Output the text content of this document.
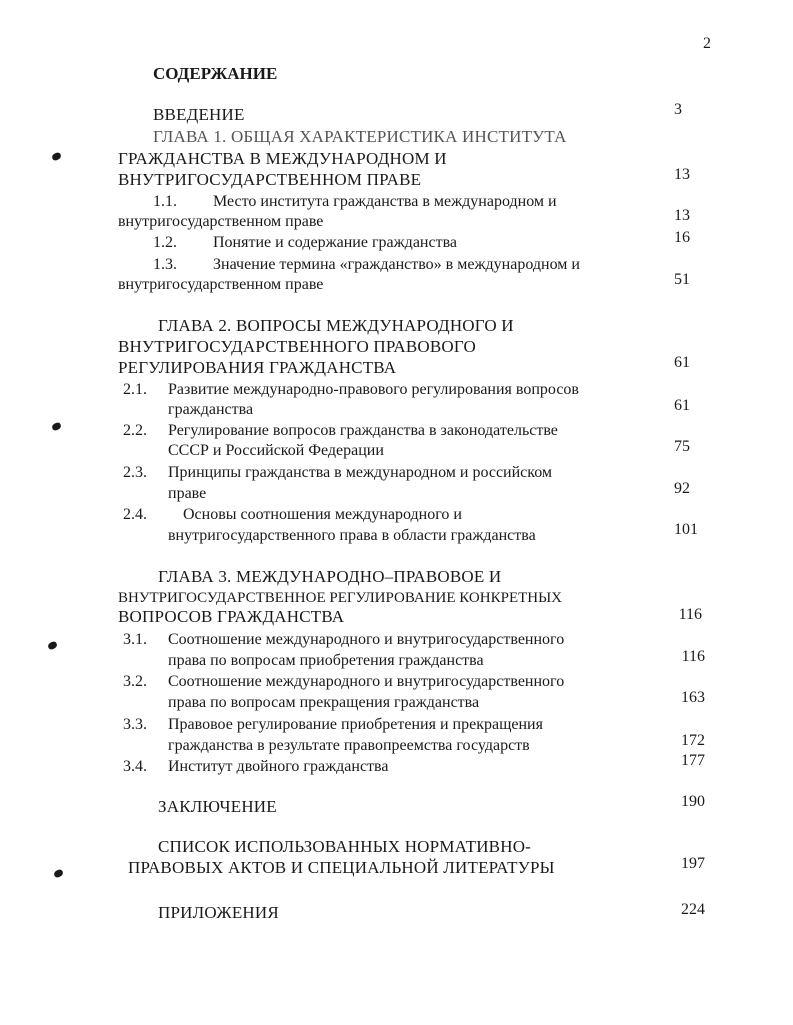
2
СОДЕРЖАНИЕ
ВВЕДЕНИЕ	3
ГЛАВА 1. ОБЩАЯ ХАРАКТЕРИСТИКА ИНСТИТУТА
ГРАЖДАНСТВА В МЕЖДУНАРОДНОМ И
ВНУТРИГОСУДАРСТВЕННОМ ПРАВЕ	13
1.1. Место института гражданства в международном и
внутригосударственном праве	13
1.2. Понятие и содержание гражданства	16
1.3. Значение термина «гражданство» в международном и
внутригосударственном праве	51
ГЛАВА 2. ВОПРОСЫ МЕЖДУНАРОДНОГО И
ВНУТРИГОСУДАРСТВЕННОГО ПРАВОВОГО
РЕГУЛИРОВАНИЯ ГРАЖДАНСТВА	61
2.1. Развитие международно-правового регулирования вопросов
гражданства	61
2.2. Регулирование вопросов гражданства в законодательстве
СССР и Российской Федерации	75
2.3. Принципы гражданства в международном и российском
праве	92
2.4. Основы соотношения международного и
внутригосударственного права в области гражданства	101
ГЛАВА 3. МЕЖДУНАРОДНО–ПРАВОВОЕ И
ВНУТРИГОСУДАРСТВЕННОЕ РЕГУЛИРОВАНИЕ КОНКРЕТНЫХ
ВОПРОСОВ ГРАЖДАНСТВА	116
3.1. Соотношение международного и внутригосударственного
права по вопросам приобретения гражданства	116
3.2. Соотношение международного и внутригосударственного
права по вопросам прекращения гражданства	163
3.3. Правовое регулирование приобретения и прекращения
гражданства в результате правопреемства государств	172
3.4. Институт двойного гражданства	177
ЗАКЛЮЧЕНИЕ	190
СПИСОК ИСПОЛЬЗОВАННЫХ НОРМАТИВНО-
ПРАВОВЫХ АКТОВ И СПЕЦИАЛЬНОЙ ЛИТЕРАТУРЫ	197
ПРИЛОЖЕНИЯ	224
